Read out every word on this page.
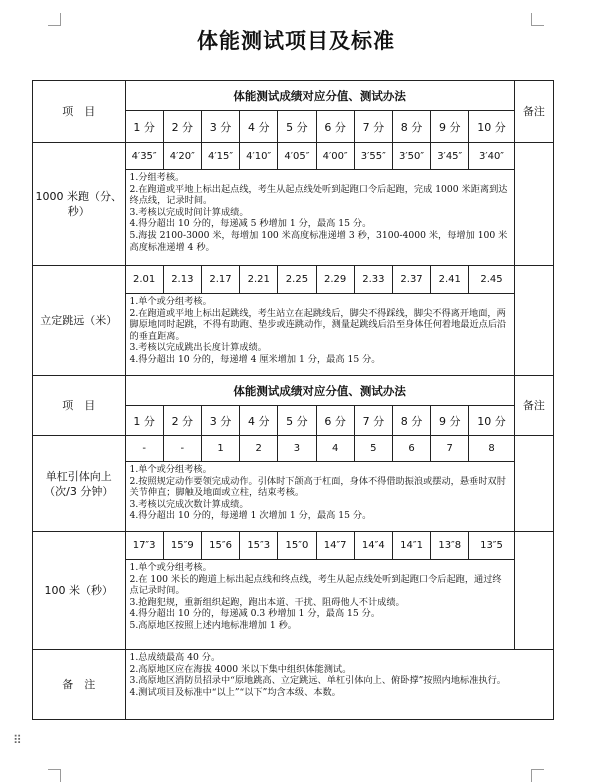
体能测试项目及标准
项　目	体能测试成绩对应分值、测试办法										备注
	1 分	2 分	3 分	4 分	5 分	6 分	7 分	8 分	9 分	10 分	
1000 米跑（分、秒）	4′35″	4′20″	4′15″	4′10″	4′05″	4′00″	3′55″	3′50″	3′45″	3′40″	

	1.分组考核。
2.在跑道或平地上标出起点线，考生从起点线处听到起跑口令后起跑，完成 1000 米距离到达终点线，记录时间。
3.考核以完成时间计算成绩。
4.得分超出 10 分的，每递减 5 秒增加 1 分，最高 15 分。
5.海拔 2100-3000 米，每增加 100 米高度标准递增 3 秒，3100-4000 米，每增加 100 米高度标准递增 4 秒。										

立定跳远（米）	2.01	2.13	2.17	2.21	2.25	2.29	2.33	2.37	2.41	2.45	

	1.单个或分组考核。
2.在跑道或平地上标出起跳线，考生站立在起跳线后，脚尖不得踩线，脚尖不得离开地面，两脚原地同时起跳，不得有助跑、垫步或连跳动作，测量起跳线后沿至身体任何着地最近点后沿的垂直距离。
3.考核以完成跳出长度计算成绩。
4.得分超出 10 分的，每递增 4 厘米增加 1 分，最高 15 分。										

项　目	体能测试成绩对应分值、测试办法										备注
	1 分	2 分	3 分	4 分	5 分	6 分	7 分	8 分	9 分	10 分	
单杠引体向上（次/3 分钟）	-	-	1	2	3	4	5	6	7	8	

	1.单个或分组考核。
2.按照规定动作要领完成动作。引体时下颌高于杠面，身体不得借助振浪或摆动，悬垂时双肘关节伸直；脚触及地面或立柱，结束考核。
3.考核以完成次数计算成绩。
4.得分超出 10 分的，每递增 1 次增加 1 分，最高 15 分。										

100 米（秒）	17″3	15″9	15″6	15″3	15″0	14″7	14″4	14″1	13″8	13″5	

	1.单个或分组考核。
2.在 100 米长的跑道上标出起点线和终点线，考生从起点线处听到起跑口令后起跑，通过终点记录时间。
3.抢跑犯规，重新组织起跑，跑出本道、干扰、阻碍他人不计成绩。
4.得分超出 10 分的，每递减 0.3 秒增加 1 分，最高 15 分。
5.高原地区按照上述内地标准增加 1 秒。										

备　注	1.总成绩最高 40 分。
2.高原地区应在海拔 4000 米以下集中组织体能测试。
3.高原地区消防员招录中“原地跳高、立定跳远、单杠引体向上、俯卧撑”按照内地标准执行。
4.测试项目及标准中“以上”“以下”均含本级、本数。										
⠿
